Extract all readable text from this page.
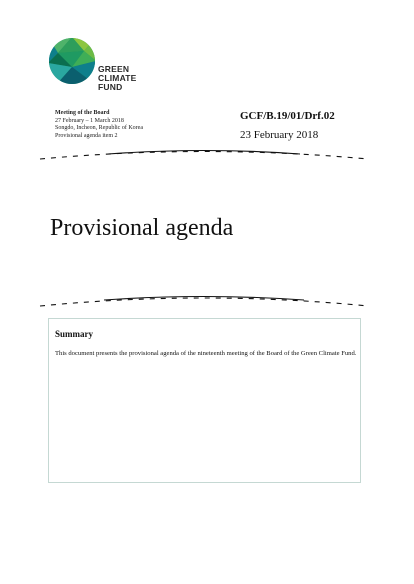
GREEN
CLIMATE
FUND
Meeting of the Board
27 February – 1 March 2018
Songdo, Incheon, Republic of Korea
Provisional agenda item 2
GCF/B.19/01/Drf.02
23 February 2018
Provisional agenda
Summary
This document presents the provisional agenda of the nineteenth meeting of the Board of the Green Climate Fund.
